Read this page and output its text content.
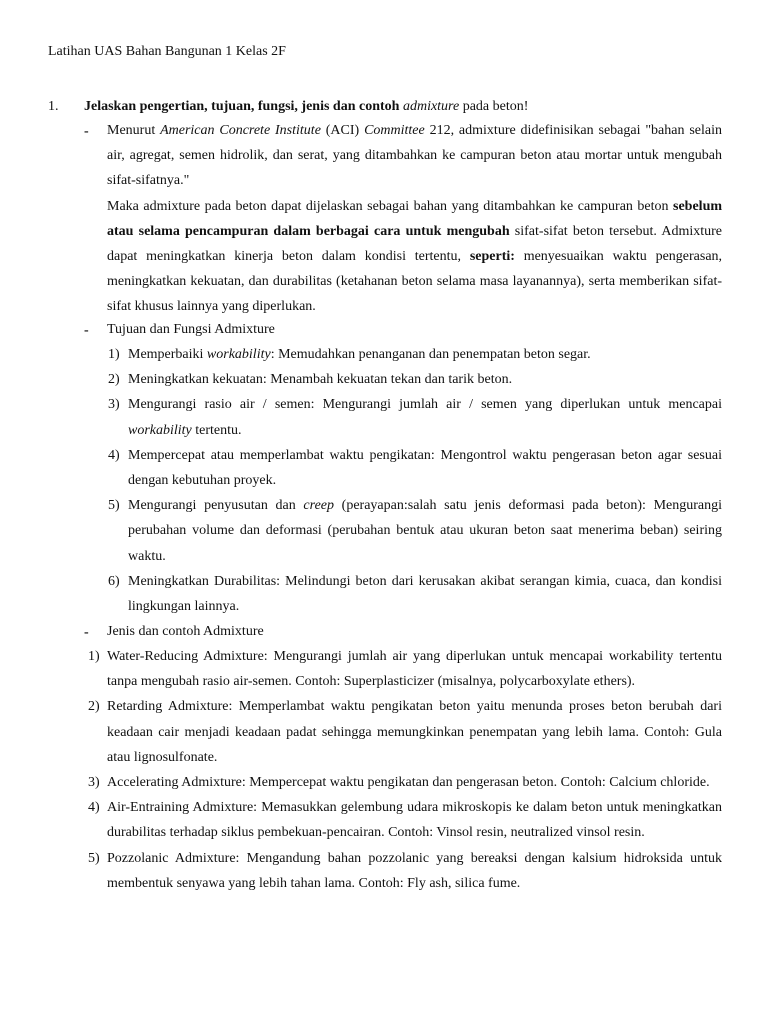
Latihan UAS Bahan Bangunan 1 Kelas 2F
1. Jelaskan pengertian, tujuan, fungsi, jenis dan contoh admixture pada beton!
- Menurut American Concrete Institute (ACI) Committee 212, admixture didefinisikan sebagai "bahan selain air, agregat, semen hidrolik, dan serat, yang ditambahkan ke campuran beton atau mortar untuk mengubah sifat-sifatnya."

Maka admixture pada beton dapat dijelaskan sebagai bahan yang ditambahkan ke campuran beton sebelum atau selama pencampuran dalam berbagai cara untuk mengubah sifat-sifat beton tersebut. Admixture dapat meningkatkan kinerja beton dalam kondisi tertentu, seperti: menyesuaikan waktu pengerasan, meningkatkan kekuatan, dan durabilitas (ketahanan beton selama masa layanannya), serta memberikan sifat-sifat khusus lainnya yang diperlukan.

- Tujuan dan Fungsi Admixture
1) Memperbaiki workability: Memudahkan penanganan dan penempatan beton segar.
2) Meningkatkan kekuatan: Menambah kekuatan tekan dan tarik beton.
3) Mengurangi rasio air / semen: Mengurangi jumlah air / semen yang diperlukan untuk mencapai workability tertentu.
4) Mempercepat atau memperlambat waktu pengikatan: Mengontrol waktu pengerasan beton agar sesuai dengan kebutuhan proyek.
5) Mengurangi penyusutan dan creep (perayapan:salah satu jenis deformasi pada beton): Mengurangi perubahan volume dan deformasi (perubahan bentuk atau ukuran beton saat menerima beban) seiring waktu.
6) Meningkatkan Durabilitas: Melindungi beton dari kerusakan akibat serangan kimia, cuaca, dan kondisi lingkungan lainnya.
- Jenis dan contoh Admixture
1) Water-Reducing Admixture: Mengurangi jumlah air yang diperlukan untuk mencapai workability tertentu tanpa mengubah rasio air-semen. Contoh: Superplasticizer (misalnya, polycarboxylate ethers).
2) Retarding Admixture: Memperlambat waktu pengikatan beton yaitu menunda proses beton berubah dari keadaan cair menjadi keadaan padat sehingga memungkinkan penempatan yang lebih lama. Contoh: Gula atau lignosulfonate.
3) Accelerating Admixture: Mempercepat waktu pengikatan dan pengerasan beton. Contoh: Calcium chloride.
4) Air-Entraining Admixture: Memasukkan gelembung udara mikroskopis ke dalam beton untuk meningkatkan durabilitas terhadap siklus pembekuan-pencairan. Contoh: Vinsol resin, neutralized vinsol resin.
5) Pozzolanic Admixture: Mengandung bahan pozzolanic yang bereaksi dengan kalsium hidroksida untuk membentuk senyawa yang lebih tahan lama. Contoh: Fly ash, silica fume.
